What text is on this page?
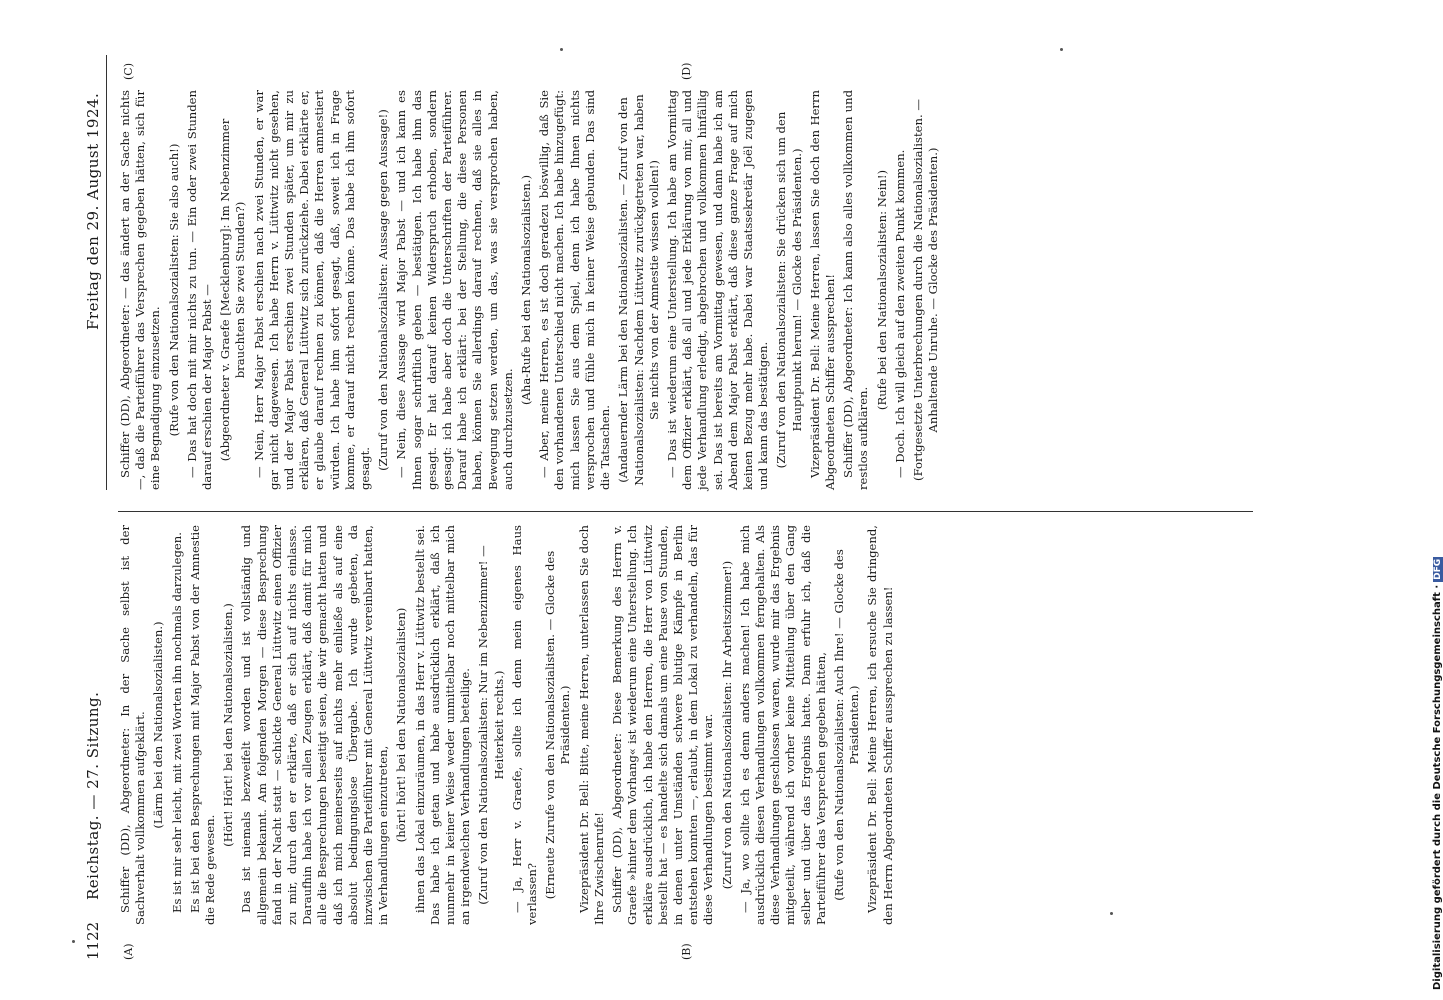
1122
Reichstag. — 27. Sitzung.
Freitag den 29. August 1924.
(A)	(B)
(C)	(D)

Schiffer (DD), Abgeordneter: In der Sache selbst ist der Sachverhalt vollkommen aufgeklärt. (Lärm bei den Nationalsozialisten.) Es ist mir sehr leicht, mit zwei Worten ihn nochmals darzulegen. Es ist bei den Besprechungen mit Major Pabst von der Amnestie die Rede gewesen.

(Hört! Hört! bei den Nationalsozialisten.) Das ist niemals bezweifelt worden und ist vollständig und allgemein bekannt. Am folgenden Morgen — diese Besprechung fand in der Nacht statt — schickte General Lüttwitz einen Offizier zu mir, durch den er erklärte, daß er sich auf nichts einlasse. Daraufhin habe ich vor allen Zeugen erklärt, daß damit für mich alle die Besprechungen beseitigt seien, die wir gemacht hatten und daß ich mich meinerseits auf nichts mehr einließe als auf eine absolut bedingungslose Übergabe. Ich wurde gebeten, da inzwischen die Parteiführer mit General Lüttwitz vereinbart hatten, in Verhandlungen einzutreten, (hört! hört! bei den Nationalsozialisten) ihnen das Lokal einzuräumen, in das Herr v. Lüttwitz bestellt sei. Das habe ich getan und habe ausdrücklich erklärt, daß ich nunmehr in keiner Weise weder unmittelbar noch mittelbar mich an irgendwelchen Verhandlungen beteilige. (Zuruf von den Nationalsozialisten: Nur im Nebenzimmer! — Heiterkeit rechts.) — Ja, Herr v. Graefe, sollte ich denn mein eigenes Haus verlassen? (Erneute Zurufe von den Nationalsozialisten. — Glocke des Präsidenten.) Vizepräsident Dr. Bell: Bitte, meine Herren, unterlassen Sie doch Ihre Zwischenrufe! Schiffer (DD), Abgeordneter: Diese Bemerkung des Herrn v. Graefe »hinter dem Vorhang« ist wiederum eine Unterstellung. Ich erkläre ausdrücklich, ich habe den Herren, die Herr von Lüttwitz bestellt hat — es handelte sich damals um eine Pause von Stunden, in denen unter Umständen schwere blutige Kämpfe in Berlin entstehen konnten —, erlaubt, in dem Lokal zu verhandeln, das für diese Verhandlungen bestimmt war. (Zuruf von den Nationalsozialisten: Ihr Arbeitszimmer!) — Ja, wo sollte ich es denn anders machen! Ich habe mich ausdrücklich diesen Verhandlungen vollkommen ferngehalten. Als diese Verhandlungen geschlossen waren, wurde mir das Ergebnis mitgeteilt, während ich vorher keine Mitteilung über den Gang selber und über das Ergebnis hatte. Dann erfuhr ich, daß die Parteiführer das Versprechen gegeben hätten, (Rufe von den Nationalsozialisten: Auch Ihre! — Glocke des Präsidenten.) Vizepräsident Dr. Bell: Meine Herren, ich ersuche Sie dringend, den Herrn Abgeordneten Schiffer aussprechen zu lassen!

Schiffer (DD), Abgeordneter: — das ändert an der Sache nichts —, daß die Parteiführer das Versprechen gegeben hätten, sich für eine Begnadigung einzusetzen. (Rufe von den Nationalsozialisten: Sie also auch!) — Das hat doch mit mir nichts zu tun. — Ein oder zwei Stunden darauf erschien der Major Pabst — (Abgeordneter v. Graefe [Mecklenburg]: Im Nebenzimmer brauchten Sie zwei Stunden?) — Nein, Herr Major Pabst erschien nach zwei Stunden, er war gar nicht dagewesen. Ich habe Herrn v. Lüttwitz nicht gesehen, und der Major Pabst erschien zwei Stunden später, um mir zu erklären, daß General Lüttwitz sich zurückziehe. Dabei erklärte er, er glaube darauf rechnen zu können, daß die Herren amnestiert würden. Ich habe ihm sofort gesagt, daß, soweit ich in Frage komme, er darauf nicht rechnen könne. Das habe ich ihm sofort gesagt. (Zuruf von den Nationalsozialisten: Aussage gegen Aussage!) — Nein, diese Aussage wird Major Pabst — und ich kann es Ihnen sogar schriftlich geben — bestätigen. Ich habe ihm das gesagt. Er hat darauf keinen Widerspruch erhoben, sondern gesagt: ich habe aber doch die Unterschriften der Parteiführer. Darauf habe ich erklärt: bei der Stellung, die diese Personen haben, können Sie allerdings darauf rechnen, daß sie alles in Bewegung setzen werden, um das, was sie versprochen haben, auch durchzusetzen.

(Aha-Rufe bei den Nationalsozialisten.) — Aber, meine Herren, es ist doch geradezu böswillig, daß Sie den vorhandenen Unterschied nicht machen. Ich habe hinzugefügt: mich lassen Sie aus dem Spiel, denn ich habe Ihnen nichts versprochen und fühle mich in keiner Weise gebunden. Das sind die Tatsachen. (Andauernder Lärm bei den Nationalsozialisten. — Zuruf von den Nationalsozialisten: Nachdem Lüttwitz zurückgetreten war, haben Sie nichts von der Amnestie wissen wollen!) — Das ist wiederum eine Unterstellung. Ich habe am Vormittag dem Offizier erklärt, daß all und jede Erklärung von mir, all und jede Verhandlung erledigt, abgebrochen und vollkommen hinfällig sei. Das ist bereits am Vormittag gewesen, und dann habe ich am Abend dem Major Pabst erklärt, daß diese ganze Frage auf mich keinen Bezug mehr habe. Dabei war Staatssekretär Joël zugegen und kann das bestätigen. (Zuruf von den Nationalsozialisten: Sie drücken sich um den Hauptpunkt herum! — Glocke des Präsidenten.) Vizepräsident Dr. Bell: Meine Herren, lassen Sie doch den Herrn Abgeordneten Schiffer aussprechen! Schiffer (DD), Abgeordneter: Ich kann also alles vollkommen und restlos aufklären.

(Rufe bei den Nationalsozialisten: Nein!) — Doch. Ich will gleich auf den zweiten Punkt kommen. (Fortgesetzte Unterbrechungen durch die Nationalsozialisten. — Anhaltende Unruhe. — Glocke des Präsidenten.)

Digitalisierung gefördert durch die Deutsche Forschungsgemeinschaft ·DFG
